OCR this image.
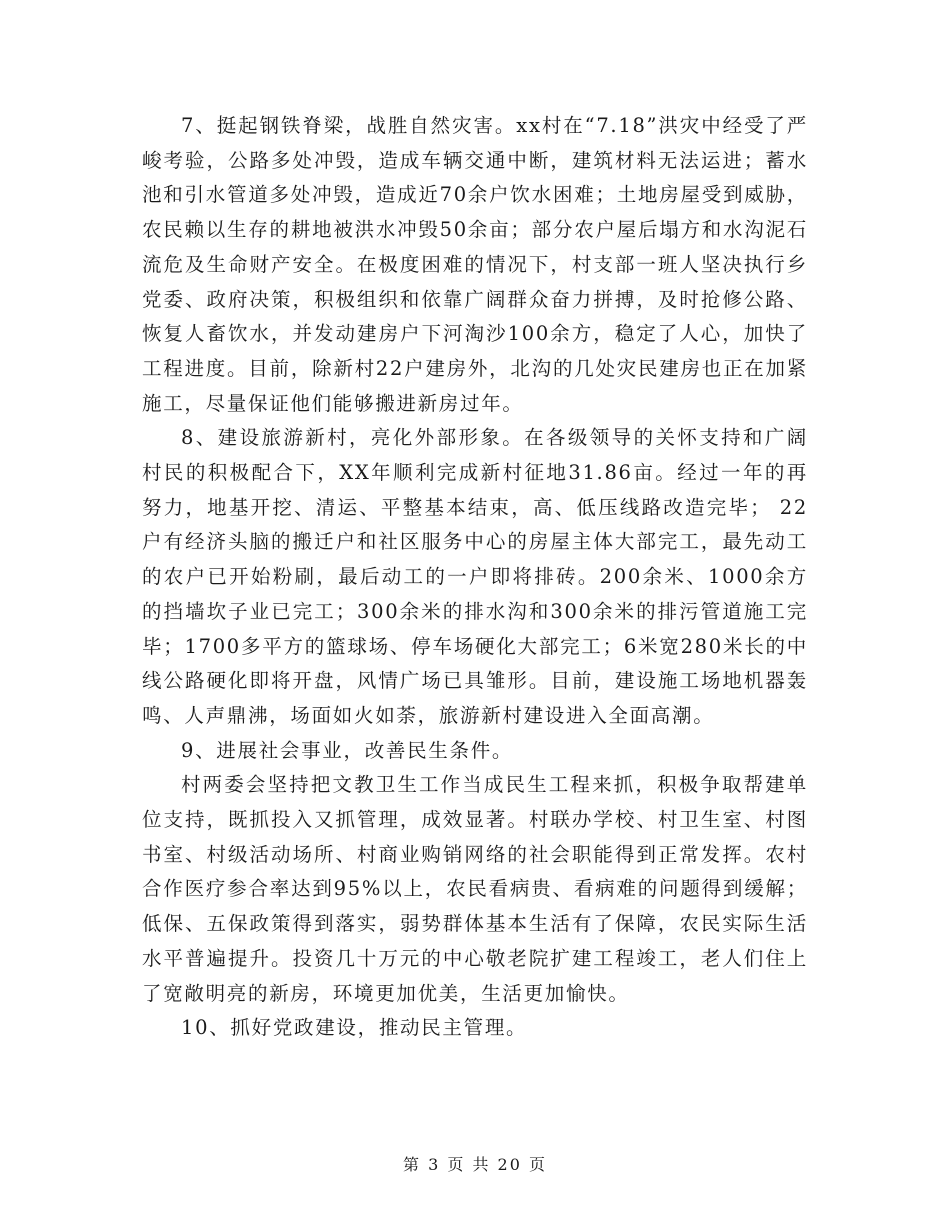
7、挺起钢铁脊梁，战胜自然灾害。xx村在“7.18”洪灾中经受了严峻考验，公路多处冲毁，造成车辆交通中断，建筑材料无法运进；蓄水池和引水管道多处冲毁，造成近70余户饮水困难；土地房屋受到威胁，农民赖以生存的耕地被洪水冲毁50余亩；部分农户屋后塌方和水沟泥石流危及生命财产安全。在极度困难的情况下，村支部一班人坚决执行乡党委、政府决策，积极组织和依靠广阔群众奋力拼搏，及时抢修公路、恢复人畜饮水，并发动建房户下河淘沙100余方，稳定了人心，加快了工程进度。目前，除新村22户建房外，北沟的几处灾民建房也正在加紧施工，尽量保证他们能够搬进新房过年。

8、建设旅游新村，亮化外部形象。在各级领导的关怀支持和广阔村民的积极配合下，XX年顺利完成新村征地31.86亩。经过一年的再努力，地基开挖、清运、平整基本结束，高、低压线路改造完毕； 22户有经济头脑的搬迁户和社区服务中心的房屋主体大部完工，最先动工的农户已开始粉刷，最后动工的一户即将排砖。200余米、1000余方的挡墙坎子业已完工；300余米的排水沟和300余米的排污管道施工完毕；1700多平方的篮球场、停车场硬化大部完工；6米宽280米长的中线公路硬化即将开盘，风情广场已具雏形。目前，建设施工场地机器轰鸣、人声鼎沸，场面如火如荼，旅游新村建设进入全面高潮。

9、进展社会事业，改善民生条件。

村两委会坚持把文教卫生工作当成民生工程来抓，积极争取帮建单位支持，既抓投入又抓管理，成效显著。村联办学校、村卫生室、村图书室、村级活动场所、村商业购销网络的社会职能得到正常发挥。农村合作医疗参合率达到95%以上，农民看病贵、看病难的问题得到缓解；低保、五保政策得到落实，弱势群体基本生活有了保障，农民实际生活水平普遍提升。投资几十万元的中心敬老院扩建工程竣工，老人们住上了宽敞明亮的新房，环境更加优美，生活更加愉快。

10、抓好党政建设，推动民主管理。

第 3 页 共 20 页
